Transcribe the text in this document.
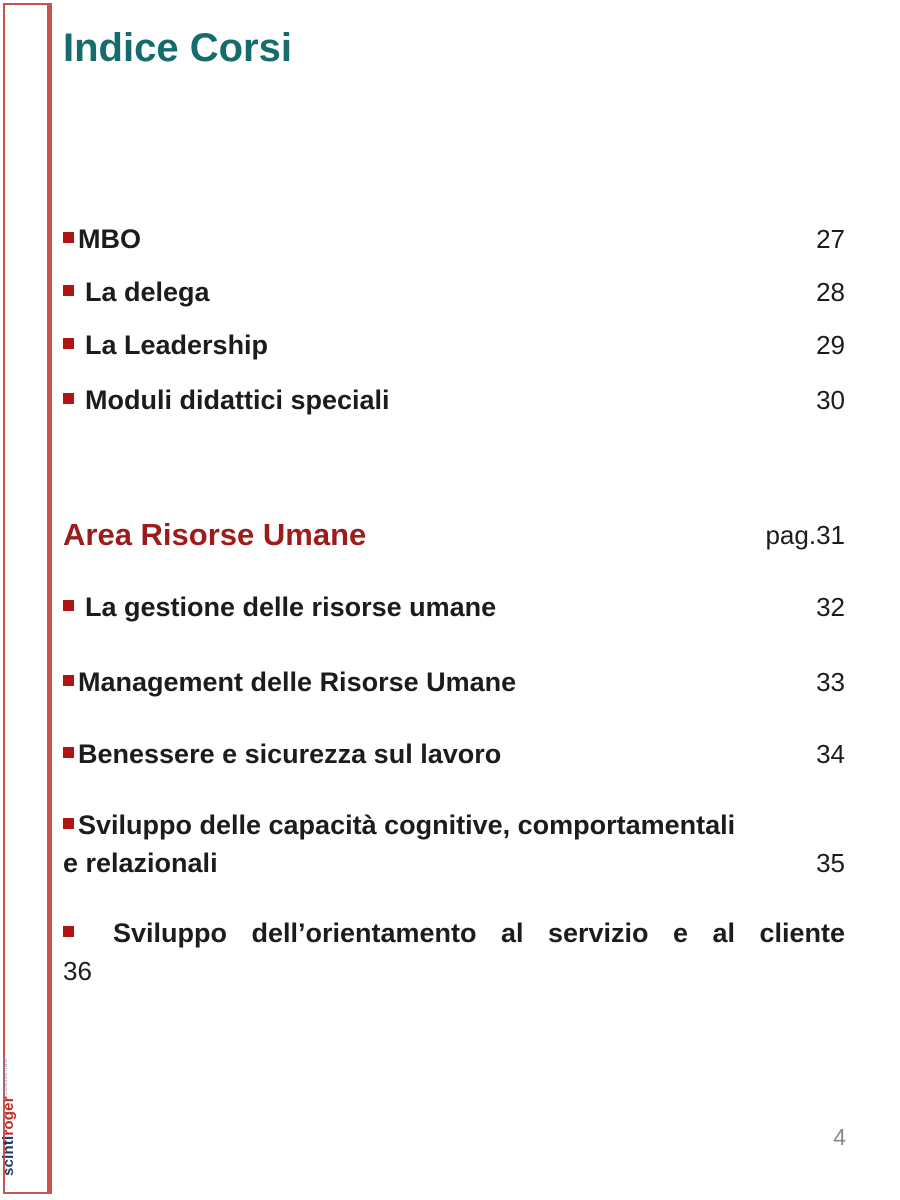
scintiroger$^{CONSULTING}$
Indice Corsi
MBO	27
La delega	28
La Leadership	29
Moduli didattici speciali	30
Area Risorse Umane	pag.31
La gestione delle risorse umane	32
Management delle Risorse Umane	33
Benessere e sicurezza sul lavoro	34
Sviluppo delle capacità cognitive, comportamentali
e relazionali	35
Sviluppo dell’orientamento al servizio e al cliente
36
4
